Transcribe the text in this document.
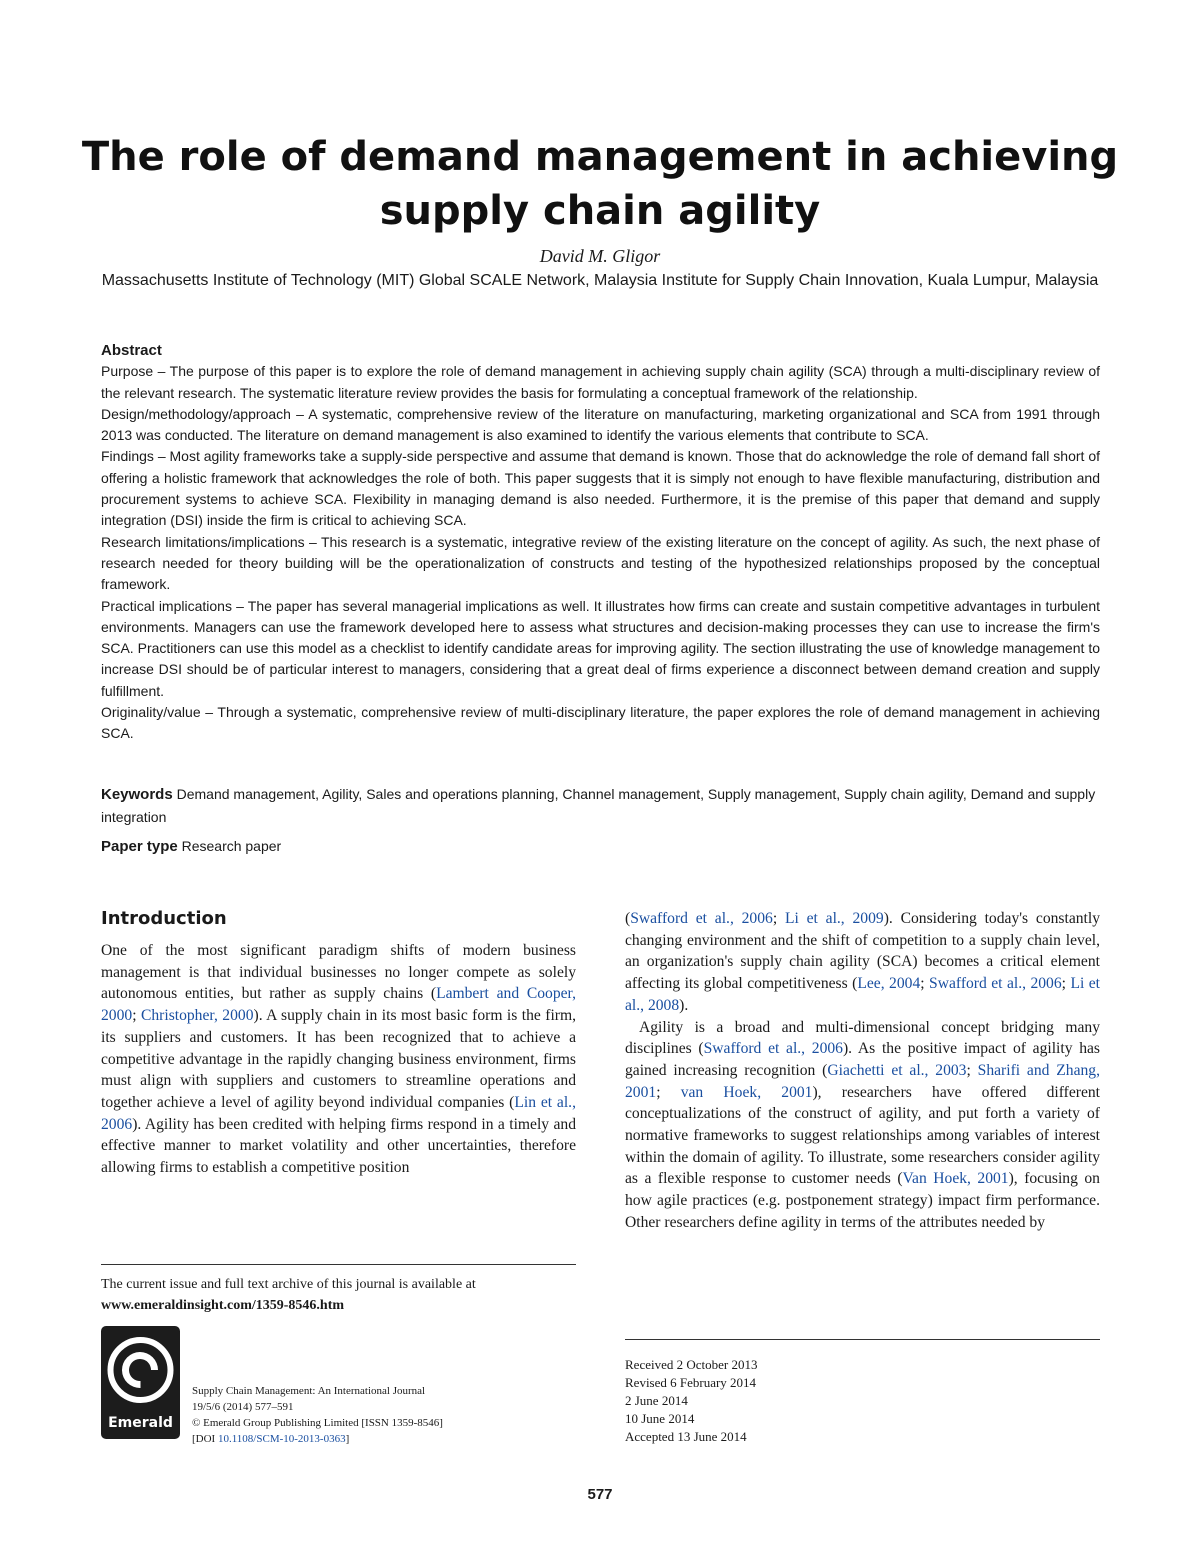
The role of demand management in achieving supply chain agility
David M. Gligor
Massachusetts Institute of Technology (MIT) Global SCALE Network, Malaysia Institute for Supply Chain Innovation, Kuala Lumpur, Malaysia
Abstract

Purpose – The purpose of this paper is to explore the role of demand management in achieving supply chain agility (SCA) through a multi-disciplinary review of the relevant research. The systematic literature review provides the basis for formulating a conceptual framework of the relationship.

Design/methodology/approach – A systematic, comprehensive review of the literature on manufacturing, marketing organizational and SCA from 1991 through 2013 was conducted. The literature on demand management is also examined to identify the various elements that contribute to SCA.

Findings – Most agility frameworks take a supply-side perspective and assume that demand is known. Those that do acknowledge the role of demand fall short of offering a holistic framework that acknowledges the role of both. This paper suggests that it is simply not enough to have flexible manufacturing, distribution and procurement systems to achieve SCA. Flexibility in managing demand is also needed. Furthermore, it is the premise of this paper that demand and supply integration (DSI) inside the firm is critical to achieving SCA.

Research limitations/implications – This research is a systematic, integrative review of the existing literature on the concept of agility. As such, the next phase of research needed for theory building will be the operationalization of constructs and testing of the hypothesized relationships proposed by the conceptual framework.

Practical implications – The paper has several managerial implications as well. It illustrates how firms can create and sustain competitive advantages in turbulent environments. Managers can use the framework developed here to assess what structures and decision-making processes they can use to increase the firm's SCA. Practitioners can use this model as a checklist to identify candidate areas for improving agility. The section illustrating the use of knowledge management to increase DSI should be of particular interest to managers, considering that a great deal of firms experience a disconnect between demand creation and supply fulfillment.

Originality/value – Through a systematic, comprehensive review of multi-disciplinary literature, the paper explores the role of demand management in achieving SCA.

Keywords Demand management, Agility, Sales and operations planning, Channel management, Supply management, Supply chain agility, Demand and supply integration
Paper type Research paper
Introduction

One of the most significant paradigm shifts of modern business management is that individual businesses no longer compete as solely autonomous entities, but rather as supply chains (Lambert and Cooper, 2000; Christopher, 2000). A supply chain in its most basic form is the firm, its suppliers and customers. It has been recognized that to achieve a competitive advantage in the rapidly changing business environment, firms must align with suppliers and customers to streamline operations and together achieve a level of agility beyond individual companies (Lin et al., 2006). Agility has been credited with helping firms respond in a timely and effective manner to market volatility and other uncertainties, therefore allowing firms to establish a competitive position

(Swafford et al., 2006; Li et al., 2009). Considering today's constantly changing environment and the shift of competition to a supply chain level, an organization's supply chain agility (SCA) becomes a critical element affecting its global competitiveness (Lee, 2004; Swafford et al., 2006; Li et al., 2008).

Agility is a broad and multi-dimensional concept bridging many disciplines (Swafford et al., 2006). As the positive impact of agility has gained increasing recognition (Giachetti et al., 2003; Sharifi and Zhang, 2001; van Hoek, 2001), researchers have offered different conceptualizations of the construct of agility, and put forth a variety of normative frameworks to suggest relationships among variables of interest within the domain of agility. To illustrate, some researchers consider agility as a flexible response to customer needs (Van Hoek, 2001), focusing on how agile practices (e.g. postponement strategy) impact firm performance. Other researchers define agility in terms of the attributes needed by

The current issue and full text archive of this journal is available at
www.emeraldinsight.com/1359-8546.htm
Emerald
Supply Chain Management: An International Journal
19/5/6 (2014) 577–591
© Emerald Group Publishing Limited [ISSN 1359-8546]
[DOI 10.1108/SCM-10-2013-0363]
Received 2 October 2013
Revised 6 February 2014
2 June 2014
10 June 2014
Accepted 13 June 2014
577
